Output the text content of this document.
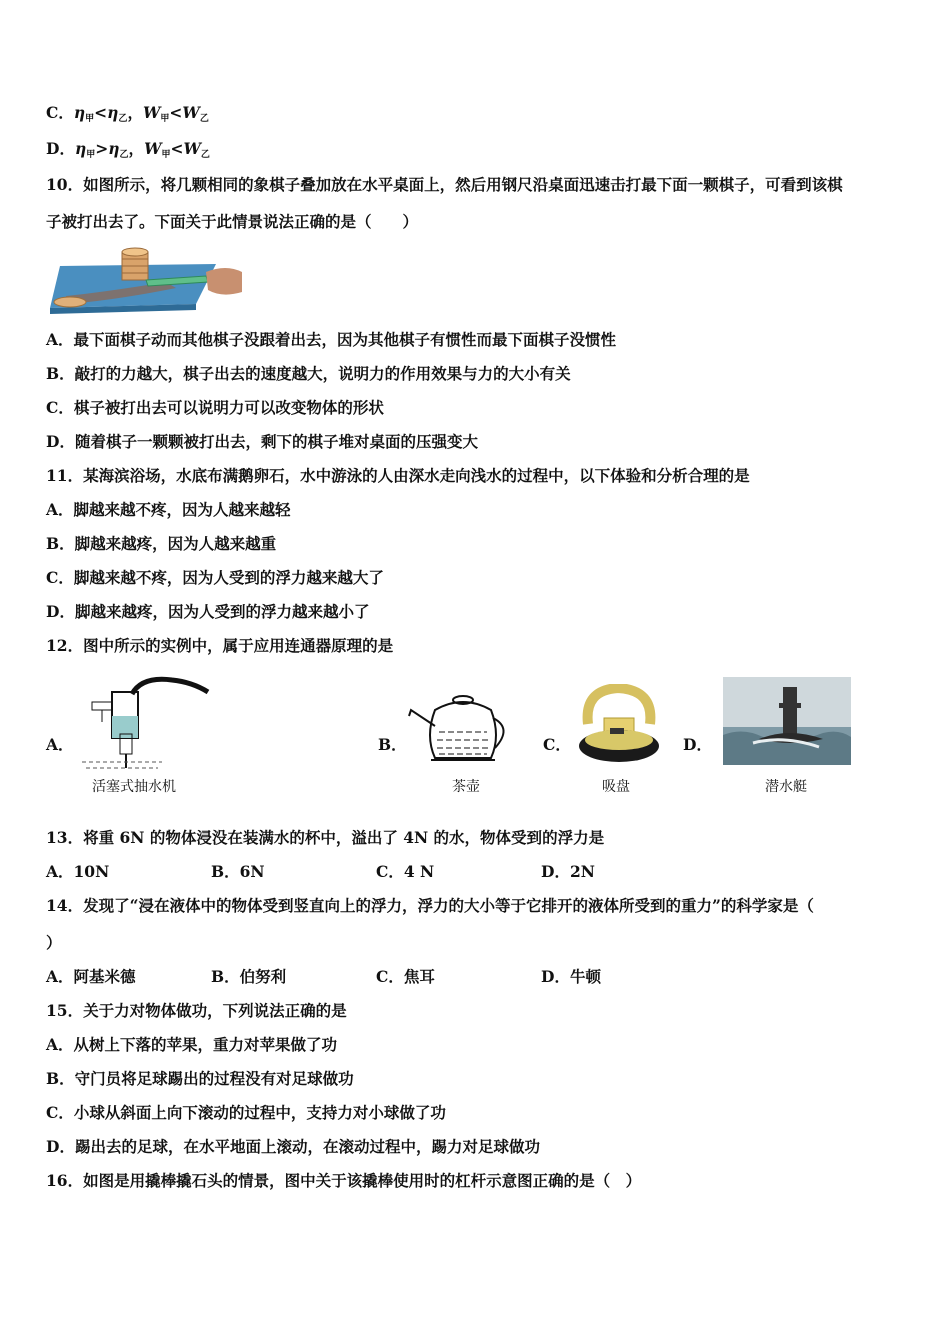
C．$\eta_甲<\eta_乙$，$W_甲<W_乙$
D．$\eta_甲>\eta_乙$，$W_甲<W_乙$
10．如图所示，将几颗相同的象棋子叠加放在水平桌面上，然后用钢尺沿桌面迅速击打最下面一颗棋子，可看到该棋
子被打出去了。下面关于此情景说法正确的是（　　）
A．最下面棋子动而其他棋子没跟着出去，因为其他棋子有惯性而最下面棋子没惯性
B．敲打的力越大，棋子出去的速度越大，说明力的作用效果与力的大小有关
C．棋子被打出去可以说明力可以改变物体的形状
D．随着棋子一颗颗被打出去，剩下的棋子堆对桌面的压强变大
11．某海滨浴场，水底布满鹅卵石，水中游泳的人由深水走向浅水的过程中，以下体验和分析合理的是
A．脚越来越不疼，因为人越来越轻
B．脚越来越疼，因为人越来越重
C．脚越来越不疼，因为人受到的浮力越来越大了
D．脚越来越疼，因为人受到的浮力越来越小了
12．图中所示的实例中，属于应用连通器原理的是
A．
活塞式抽水机
B．
茶壶
C．
吸盘
D．
潜水艇
13．将重 6N 的物体浸没在装满水的杯中，溢出了 4N 的水，物体受到的浮力是
A．10N	B．6N	C．4 N	D．2N
14．发现了“浸在液体中的物体受到竖直向上的浮力，浮力的大小等于它排开的液体所受到的重力”的科学家是（
）
A．阿基米德	B．伯努利	C．焦耳	D．牛顿
15．关于力对物体做功，下列说法正确的是
A．从树上下落的苹果，重力对苹果做了功
B．守门员将足球踢出的过程没有对足球做功
C．小球从斜面上向下滚动的过程中，支持力对小球做了功
D．踢出去的足球，在水平地面上滚动，在滚动过程中，踢力对足球做功
16．如图是用撬棒撬石头的情景，图中关于该撬棒使用时的杠杆示意图正确的是（　）
